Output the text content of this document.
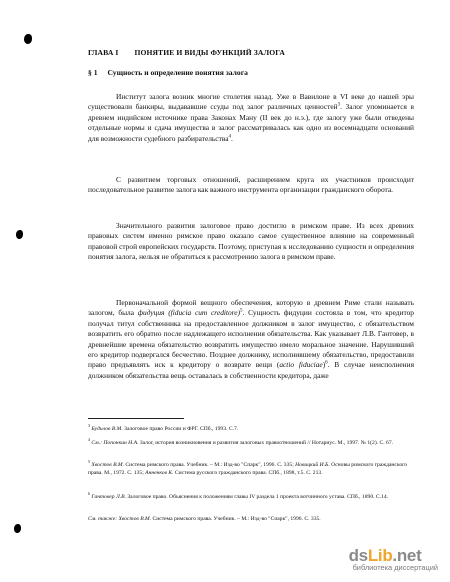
ГЛАВА I ПОНЯТИЕ И ВИДЫ ФУНКЦИЙ ЗАЛОГА
§ 1 Сущность и определение понятия залога

Институт залога возник многие столетия назад. Уже в Вавилоне в VI веке до нашей эры существовали банкиры, выдававшие ссуды под залог различных ценностей$^3$. Залог упоминается в древнем индийском источнике права Законах Ману (II век до н.э.), где залогу уже были отведены отдельные нормы и сдача имущества в залог рассматривалась как одно из восемнадцати оснований для возможности судебного разбирательства$^4$.

С развитием торговых отношений, расширением круга их участников происходит последовательное развитие залога как важного инструмента организации гражданского оборота.

Значительного развития залоговое право достигло в римском праве. Из всех древних правовых систем именно римское право оказало самое существенное влияние на современный правовой строй европейских государств. Поэтому, приступая к исследованию сущности и определения понятия залога, нельзя не обратиться к рассмотрению залога в римском праве.

Первоначальной формой вещного обеспечения, которую в древнем Риме стали называть залогом, была фидуция (fiducia cum creditore)$^5$. Сущность фидуции состояла в том, что кредитор получал титул собственника на предоставленное должником в залог имущество, с обязательством возвратить его обратно после надлежащего исполнения обязательства. Как указывает Л.В. Гантовер, в древнейшие времена обязательство возвратить имущество имело моральное значение. Нарушивший его кредитор подвергался бесчестию. Позднее должнику, исполнившему обязательство, предоставили право предъявлять иск к кредитору о возврате вещи (actio fiduciae)$^6$. В случае неисполнения должником обязательства вещь оставалась в собственности кредитора, даже

$^3$ Будилов В.М. Залоговое право России и ФРГ. СПб., 1993. С.7.

$^4$ См.: Попонкин Н.А. Залог, история возникновения и развития залоговых правоотношений // Нотариус. М., 1997. № 1(2). С. 67.

$^5$ Хвостов В.М. Система римского права. Учебник. – М.: Изд-во "Спарк", 1996. С. 335; Новицкий И.Б. Основы римского гражданского права. М., 1972. С. 135; Анненков К. Система русского гражданского права. СПб., 1898, т.5. С. 213.

$^6$ Гантовер Л.В. Залоговое право. Объяснения к положениям главы IV раздела 1 проекта вотчинного устава. СПб., 1890. С.14.

См. также: Хвостов В.М. Система римского права. Учебник. – М.: Изд-во "Спарк", 1996. С. 335.

dsLib.net
библиотека диссертаций
